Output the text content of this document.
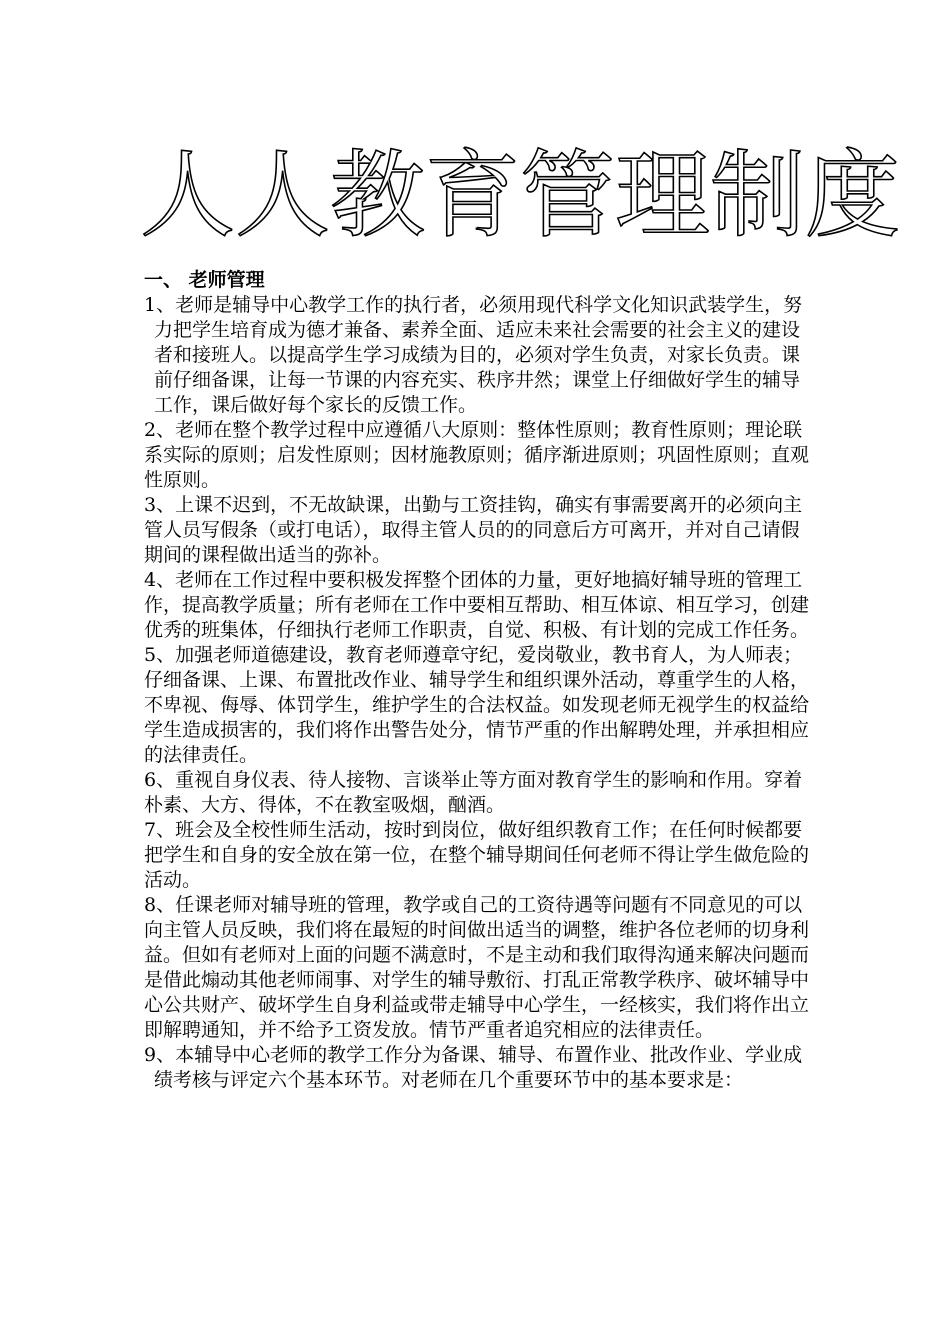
人人教育管理制度
一、 老师管理

1、老师是辅导中心教学工作的执行者，必须用现代科学文化知识武装学生，努力把学生培育成为德才兼备、素养全面、适应未来社会需要的社会主义的建设者和接班人。以提高学生学习成绩为目的，必须对学生负责，对家长负责。课前仔细备课，让每一节课的内容充实、秩序井然；课堂上仔细做好学生的辅导工作，课后做好每个家长的反馈工作。

2、老师在整个教学过程中应遵循八大原则：整体性原则；教育性原则；理论联系实际的原则；启发性原则；因材施教原则；循序渐进原则；巩固性原则；直观性原则。

3、上课不迟到，不无故缺课，出勤与工资挂钩，确实有事需要离开的必须向主管人员写假条（或打电话），取得主管人员的的同意后方可离开，并对自己请假期间的课程做出适当的弥补。

4、老师在工作过程中要积极发挥整个团体的力量，更好地搞好辅导班的管理工作，提高教学质量；所有老师在工作中要相互帮助、相互体谅、相互学习，创建优秀的班集体，仔细执行老师工作职责，自觉、积极、有计划的完成工作任务。

5、加强老师道德建设，教育老师遵章守纪，爱岗敬业，教书育人，为人师表；仔细备课、上课、布置批改作业、辅导学生和组织课外活动，尊重学生的人格，不卑视、侮辱、体罚学生，维护学生的合法权益。如发现老师无视学生的权益给学生造成损害的，我们将作出警告处分，情节严重的作出解聘处理，并承担相应的法律责任。

6、重视自身仪表、待人接物、言谈举止等方面对教育学生的影响和作用。穿着朴素、大方、得体，不在教室吸烟，酗酒。

7、班会及全校性师生活动，按时到岗位，做好组织教育工作；在任何时候都要把学生和自身的安全放在第一位，在整个辅导期间任何老师不得让学生做危险的活动。

8、任课老师对辅导班的管理，教学或自己的工资待遇等问题有不同意见的可以向主管人员反映，我们将在最短的时间做出适当的调整，维护各位老师的切身利益。但如有老师对上面的问题不满意时，不是主动和我们取得沟通来解决问题而是借此煽动其他老师闹事、对学生的辅导敷衍、打乱正常教学秩序、破坏辅导中心公共财产、破坏学生自身利益或带走辅导中心学生，一经核实，我们将作出立即解聘通知，并不给予工资发放。情节严重者追究相应的法律责任。

9、本辅导中心老师的教学工作分为备课、辅导、布置作业、批改作业、学业成绩考核与评定六个基本环节。对老师在几个重要环节中的基本要求是：
